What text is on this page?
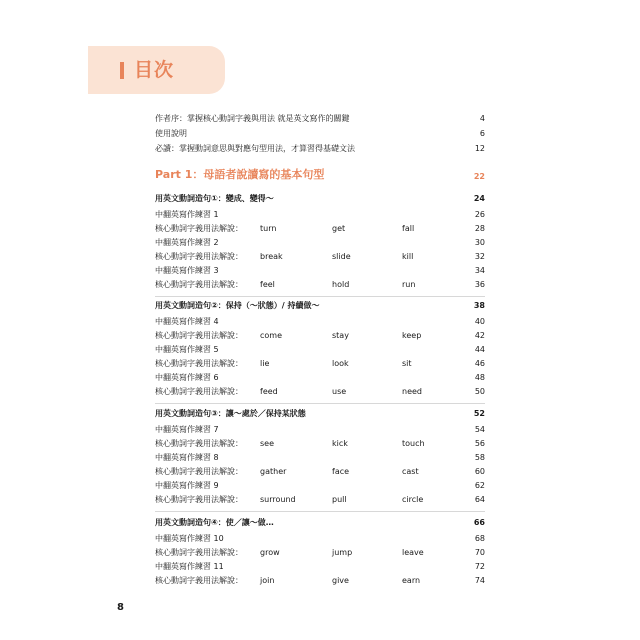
目次
作者序：掌握核心動詞字義與用法 就是英文寫作的關鍵	4
使用說明	6
必讀：掌握動詞意思與對應句型用法，才算習得基礎文法	12
Part 1：母語者說讀寫的基本句型	22
用英文動詞造句①：變成、變得～	24
中翻英寫作練習 1	26
核心動詞字義用法解說： turn	get	fall	28
中翻英寫作練習 2	30
核心動詞字義用法解說： break	slide	kill	32
中翻英寫作練習 3	34
核心動詞字義用法解說： feel	hold	run	36
用英文動詞造句②：保持（～狀態）/ 持續做～	38
中翻英寫作練習 4	40
核心動詞字義用法解說： come	stay	keep	42
中翻英寫作練習 5	44
核心動詞字義用法解說： lie	look	sit	46
中翻英寫作練習 6	48
核心動詞字義用法解說： feed	use	need	50
用英文動詞造句③：讓～處於／保持某狀態	52
中翻英寫作練習 7	54
核心動詞字義用法解說： see	kick	touch	56
中翻英寫作練習 8	58
核心動詞字義用法解說： gather	face	cast	60
中翻英寫作練習 9	62
核心動詞字義用法解說： surround	pull	circle	64
用英文動詞造句④：使／讓～做…	66
中翻英寫作練習 10	68
核心動詞字義用法解說： grow	jump	leave	70
中翻英寫作練習 11	72
核心動詞字義用法解說： join	give	earn	74
8
